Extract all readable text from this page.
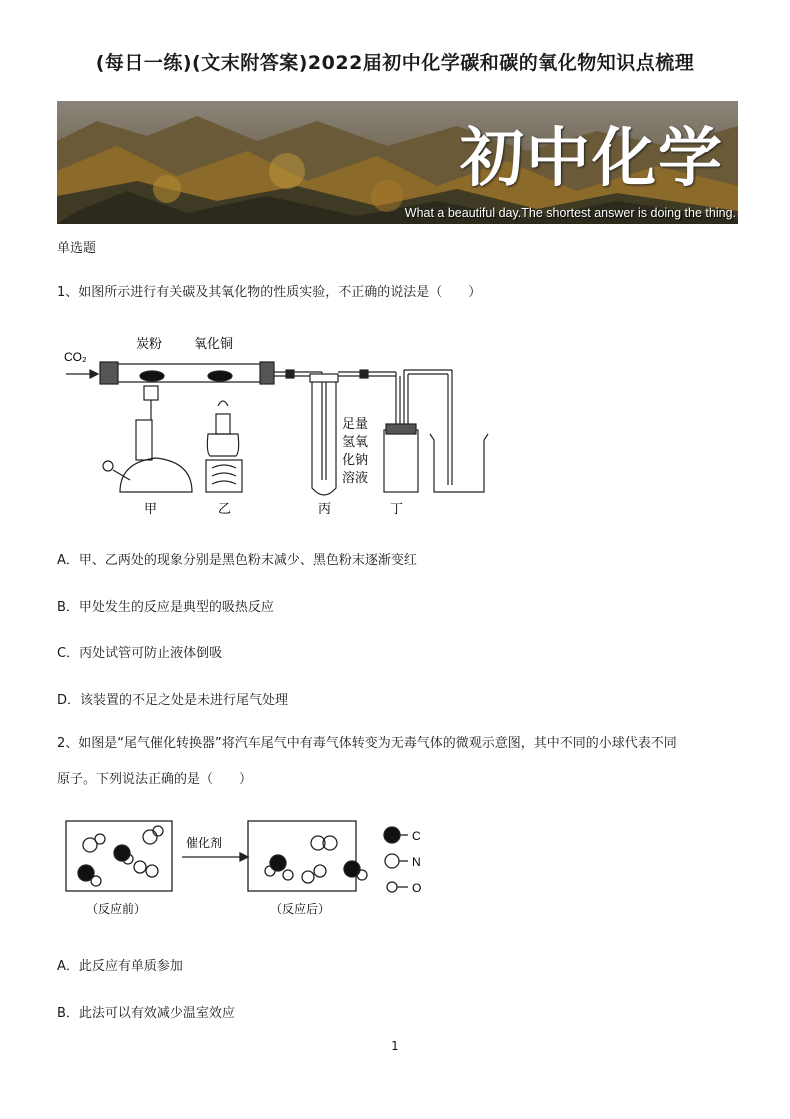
(每日一练)(文末附答案)2022届初中化学碳和碳的氧化物知识点梳理
初中化学
What a beautiful day.The shortest answer is doing the thing.
单选题
1、如图所示进行有关碳及其氧化物的性质实验，不正确的说法是（　　）
CO₂
炭粉 氧化铜
足量
氢氧
化钠
溶液
甲	乙	丙	丁
A．甲、乙两处的现象分别是黑色粉末减少、黑色粉末逐渐变红
B．甲处发生的反应是典型的吸热反应
C．丙处试管可防止液体倒吸
D．该装置的不足之处是未进行尾气处理
2、如图是“尾气催化转换器”将汽车尾气中有毒气体转变为无毒气体的微观示意图，其中不同的小球代表不同
原子。下列说法正确的是（　　）
催化剂
（反应前）	（反应后）
C
N
O
A．此反应有单质参加
B．此法可以有效减少温室效应
1
